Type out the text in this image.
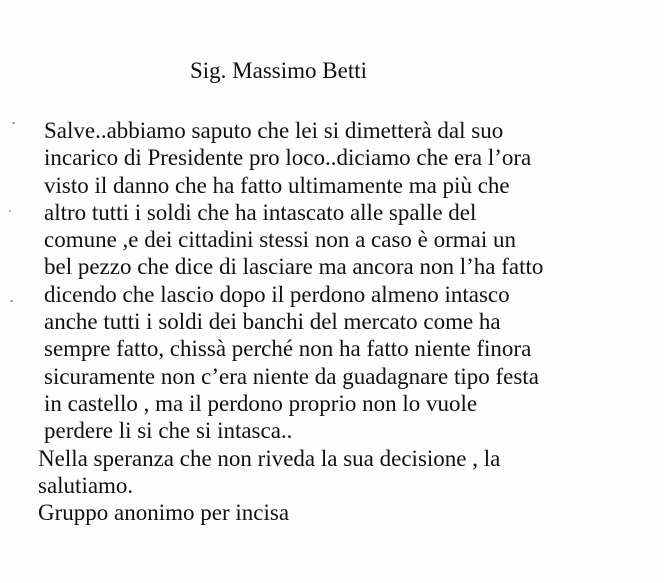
Sig. Massimo Betti
Salve..abbiamo saputo che lei si dimetterà dal suo
incarico di Presidente pro loco..diciamo che era l’ora
visto il danno che ha fatto ultimamente ma più che
altro tutti i soldi che ha intascato alle spalle del
comune ,e dei cittadini stessi non a caso è ormai un
bel pezzo che dice di lasciare ma ancora non l’ha fatto
dicendo che lascio dopo il perdono almeno intasco
anche tutti i soldi dei banchi del mercato come ha
sempre fatto, chissà perché non ha fatto niente finora
sicuramente non c’era niente da guadagnare tipo festa
in castello , ma il perdono proprio non lo vuole
perdere li si che si intasca..
Nella speranza che non riveda la sua decisione , la
salutiamo.
Gruppo anonimo per incisa
